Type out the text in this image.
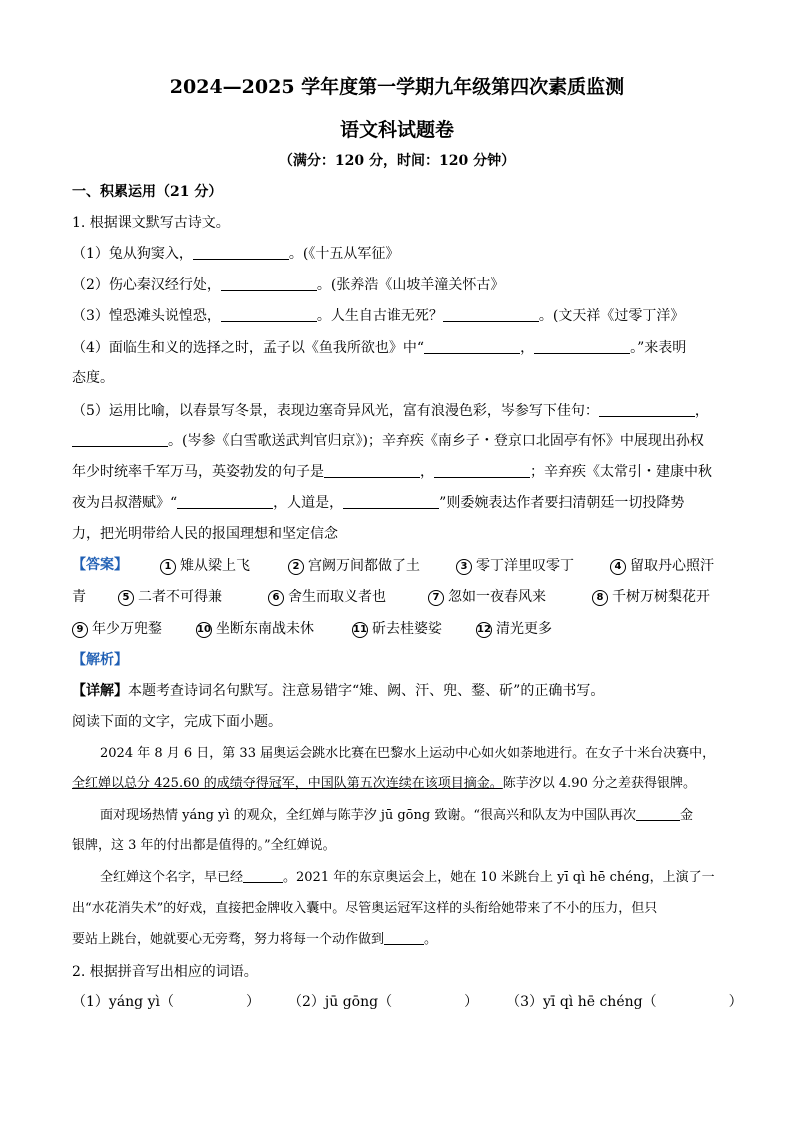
2024—2025 学年度第一学期九年级第四次素质监测
语文科试题卷
（满分：120 分，时间：120 分钟）
一、积累运用（21 分）
1. 根据课文默写古诗文。
（1）兔从狗窦入，	。(《十五从军征》
（2）伤心秦汉经行处，	。(张养浩《山坡羊潼关怀古》
（3）惶恐滩头说惶恐，	。人生自古谁无死？	。(文天祥《过零丁洋》
（4）面临生和义的选择之时，孟子以《鱼我所欲也》中“	，	。”来表明
态度。
（5）运用比喻，以春景写冬景，表现边塞奇异风光，富有浪漫色彩，岑参写下佳句：	，
。(岑参《白雪歌送武判官归京》)；辛弃疾《南乡子・登京口北固亭有怀》中展现出孙权
年少时统率千军万马，英姿勃发的句子是	，	；辛弃疾《太常引・建康中秋
夜为吕叔潜赋》“	，人道是，	”则委婉表达作者要扫清朝廷一切投降势
力，把光明带给人民的报国理想和坚定信念
【答案】	1 雉从梁上飞	2 宫阙万间都做了土	3 零丁洋里叹零丁	4 留取丹心照汗
青	5 二者不可得兼	6 舍生而取义者也	7 忽如一夜春风来	8 千树万树梨花开
9 年少万兜鍪	10 坐断东南战未休	11 斫去桂婆娑	12 清光更多
【解析】
【详解】本题考查诗词名句默写。注意易错字“雉、阙、汗、兜、鍪、斫”的正确书写。
阅读下面的文字，完成下面小题。
2024 年 8 月 6 日，第 33 届奥运会跳水比赛在巴黎水上运动中心如火如荼地进行。在女子十米台决赛中，
全红婵以总分 425.60 的成绩夺得冠军，中国队第五次连续在该项目摘金。陈芋汐以 4.90 分之差获得银牌。
面对现场热情 yáng yì 的观众，全红婵与陈芋汐 jū gōng 致谢。“很高兴和队友为中国队再次	金
银牌，这 3 年的付出都是值得的。”全红婵说。
全红婵这个名字，早已经	。2021 年的东京奥运会上，她在 10 米跳台上 yī qì hē chéng，上演了一
出“水花消失术”的好戏，直接把金牌收入囊中。尽管奥运冠军这样的头衔给她带来了不小的压力，但只
要站上跳台，她就要心无旁骛，努力将每一个动作做到	。
2. 根据拼音写出相应的词语。
（1）yáng yì（	） （2）jū gōng（	） （3）yī qì hē chéng（	）
